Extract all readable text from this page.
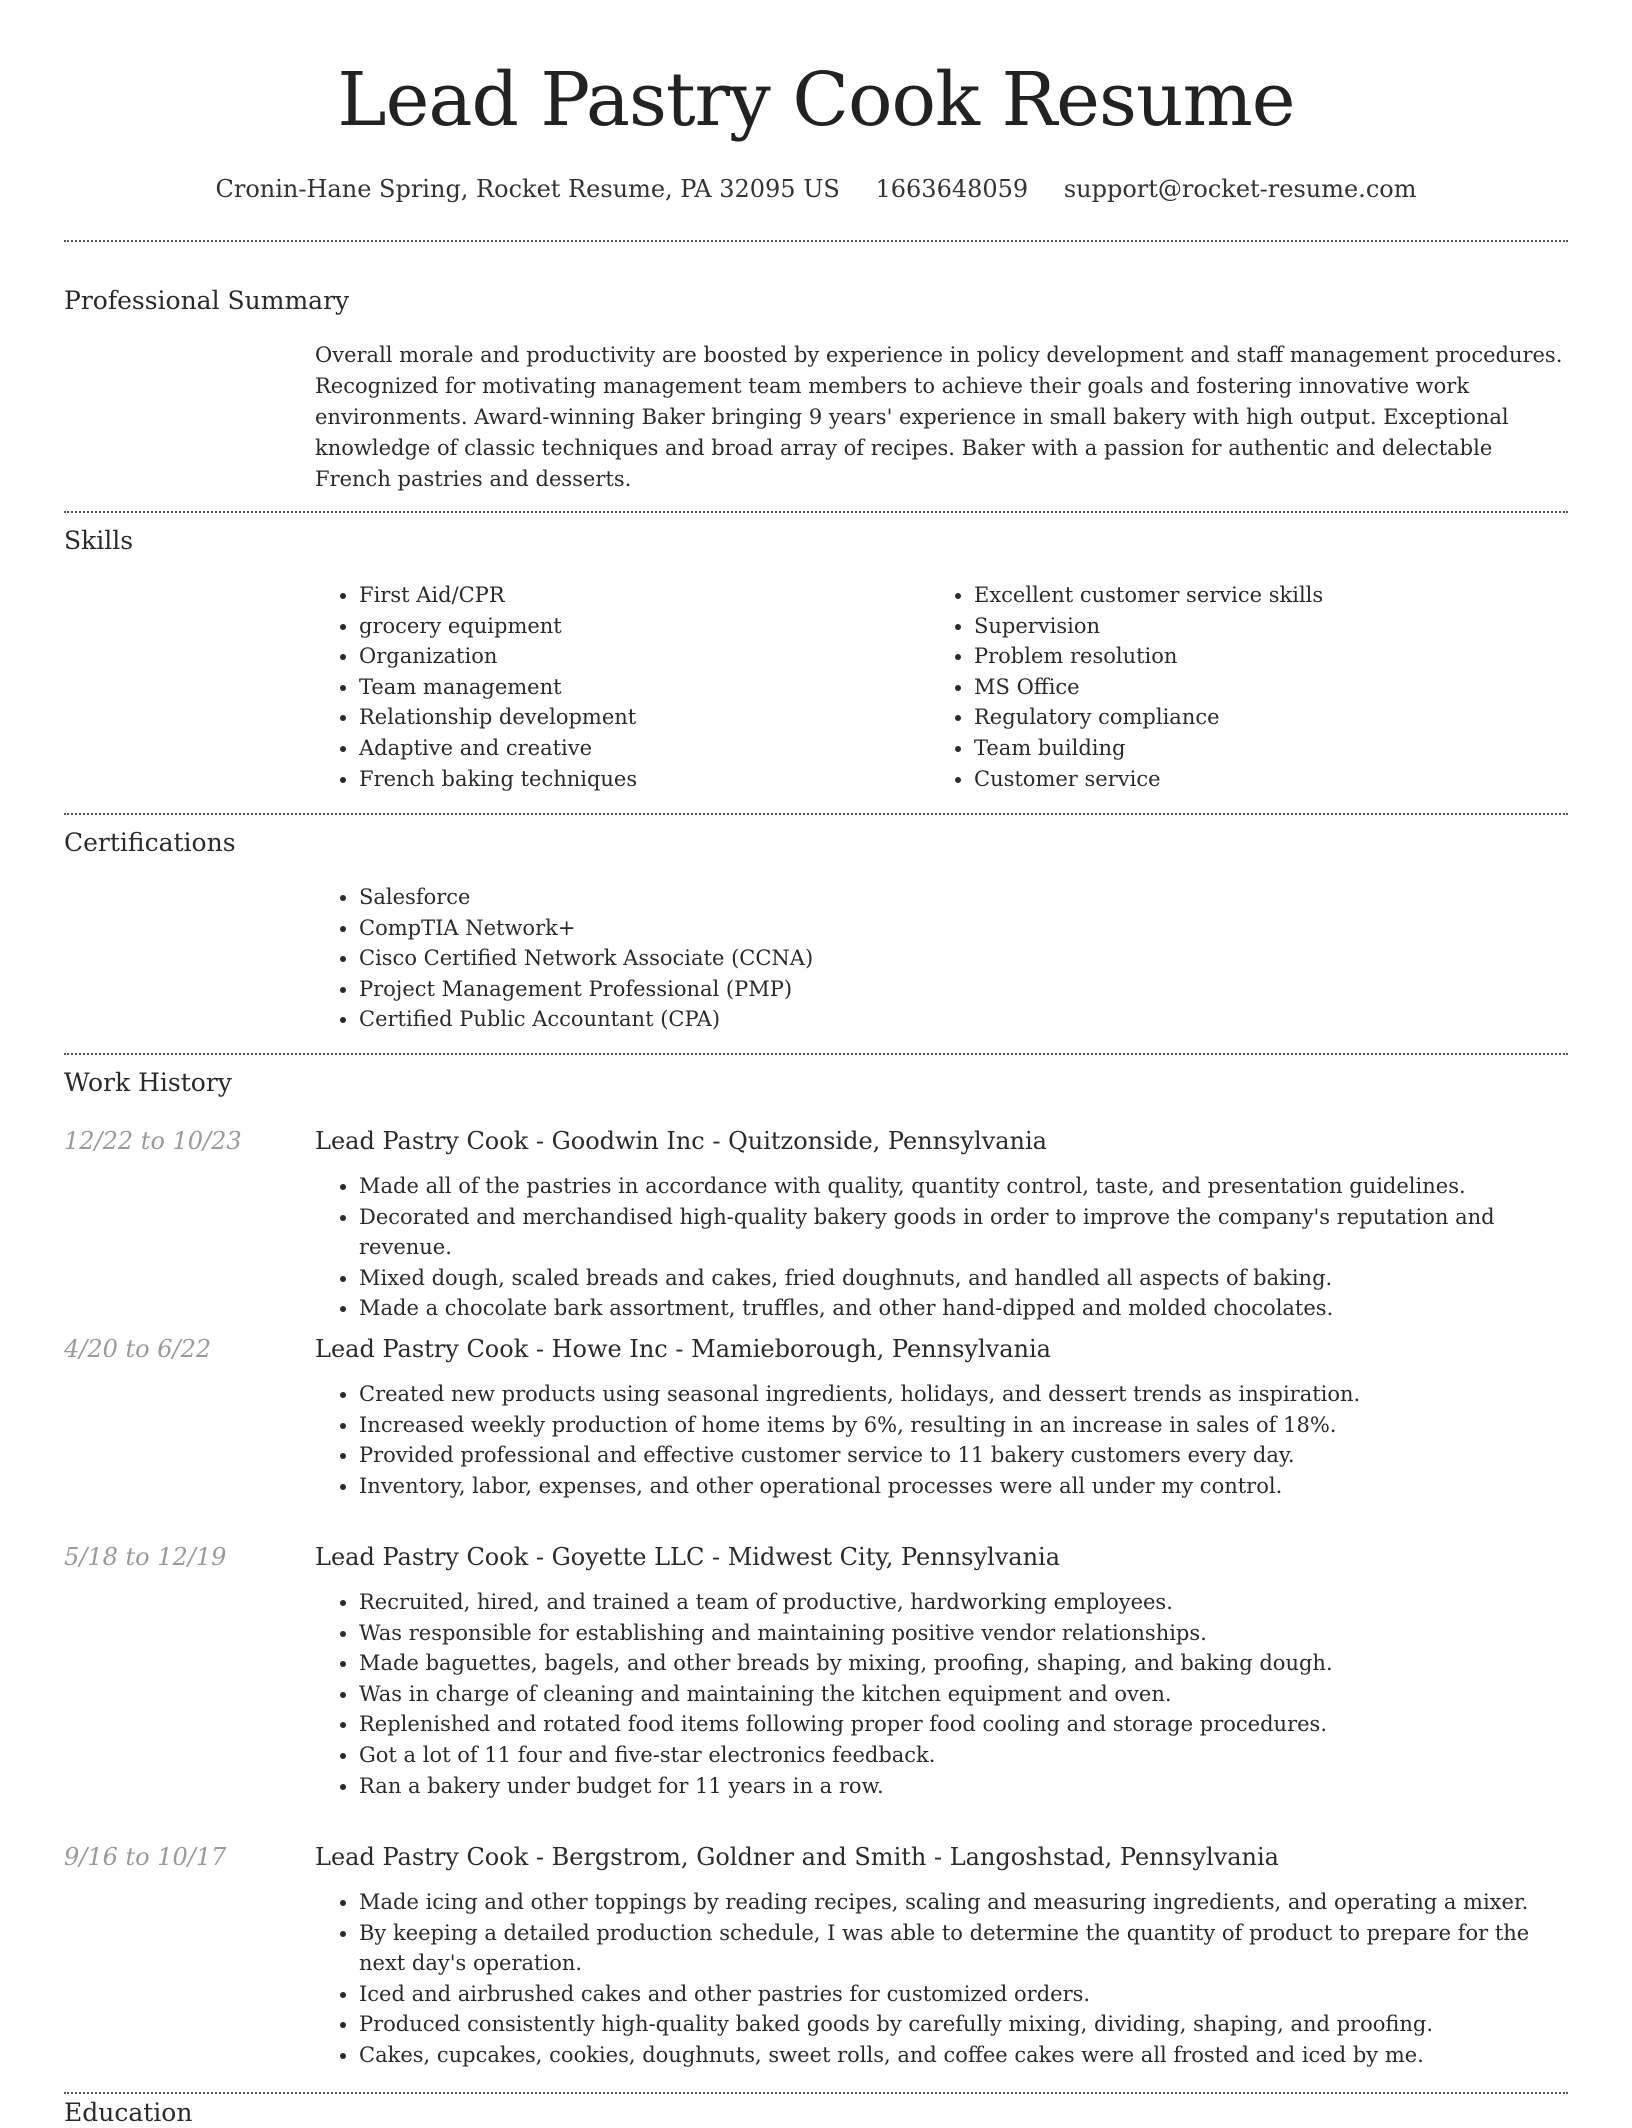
Lead Pastry Cook Resume
Cronin-Hane Spring, Rocket Resume, PA 32095 US 1663648059 support@rocket-resume.com
Professional Summary

Overall morale and productivity are boosted by experience in policy development and staff management procedures. Recognized for motivating management team members to achieve their goals and fostering innovative work environments. Award-winning Baker bringing 9 years' experience in small bakery with high output. Exceptional knowledge of classic techniques and broad array of recipes. Baker with a passion for authentic and delectable French pastries and desserts.

Skills
• First Aid/CPR
• grocery equipment
• Organization
• Team management
• Relationship development
• Adaptive and creative
• French baking techniques
• Excellent customer service skills
• Supervision
• Problem resolution
• MS Office
• Regulatory compliance
• Team building
• Customer service
Certifications
• Salesforce
• CompTIA Network+
• Cisco Certified Network Associate (CCNA)
• Project Management Professional (PMP)
• Certified Public Accountant (CPA)
Work History
12/22 to 10/23	Lead Pastry Cook - Goodwin Inc - Quitzonside, Pennsylvania
• Made all of the pastries in accordance with quality, quantity control, taste, and presentation guidelines.
• Decorated and merchandised high-quality bakery goods in order to improve the company's reputation and revenue.
• Mixed dough, scaled breads and cakes, fried doughnuts, and handled all aspects of baking.
• Made a chocolate bark assortment, truffles, and other hand-dipped and molded chocolates.
4/20 to 6/22	Lead Pastry Cook - Howe Inc - Mamieborough, Pennsylvania
• Created new products using seasonal ingredients, holidays, and dessert trends as inspiration.
• Increased weekly production of home items by 6%, resulting in an increase in sales of 18%.
• Provided professional and effective customer service to 11 bakery customers every day.
• Inventory, labor, expenses, and other operational processes were all under my control.
5/18 to 12/19	Lead Pastry Cook - Goyette LLC - Midwest City, Pennsylvania
• Recruited, hired, and trained a team of productive, hardworking employees.
• Was responsible for establishing and maintaining positive vendor relationships.
• Made baguettes, bagels, and other breads by mixing, proofing, shaping, and baking dough.
• Was in charge of cleaning and maintaining the kitchen equipment and oven.
• Replenished and rotated food items following proper food cooling and storage procedures.
• Got a lot of 11 four and five-star electronics feedback.
• Ran a bakery under budget for 11 years in a row.
9/16 to 10/17	Lead Pastry Cook - Bergstrom, Goldner and Smith - Langoshstad, Pennsylvania
• Made icing and other toppings by reading recipes, scaling and measuring ingredients, and operating a mixer.
• By keeping a detailed production schedule, I was able to determine the quantity of product to prepare for the next day's operation.
• Iced and airbrushed cakes and other pastries for customized orders.
• Produced consistently high-quality baked goods by carefully mixing, dividing, shaping, and proofing.
• Cakes, cupcakes, cookies, doughnuts, sweet rolls, and coffee cakes were all frosted and iced by me.
Education
